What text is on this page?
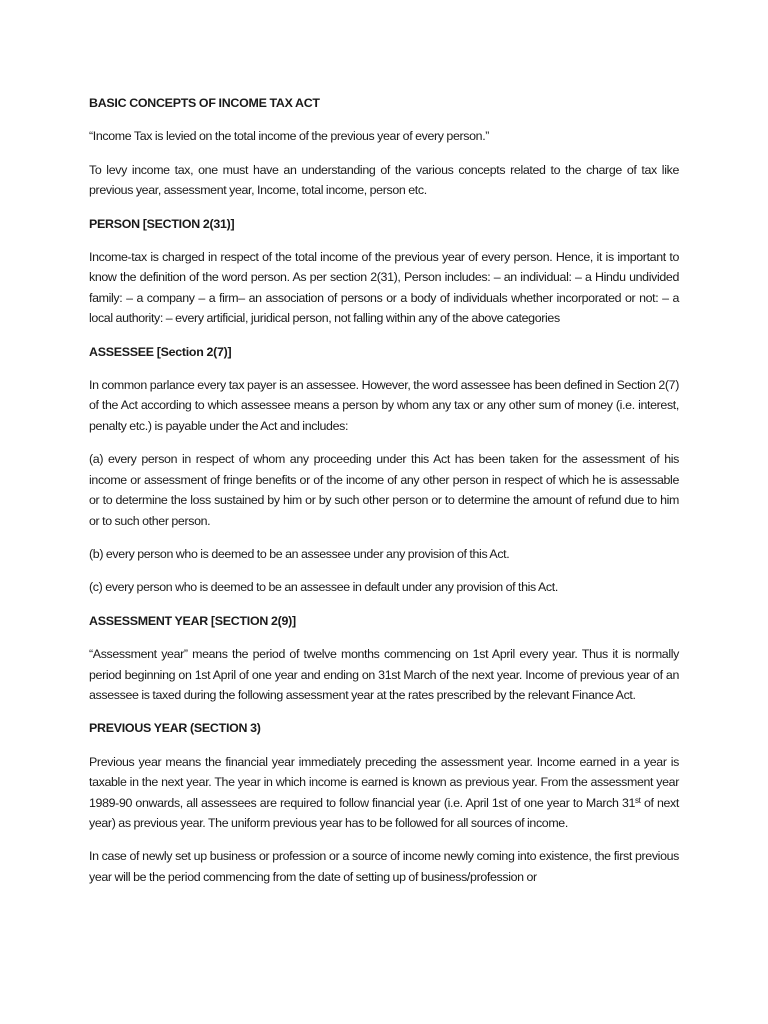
BASIC CONCEPTS OF INCOME TAX ACT
“Income Tax is levied on the total income of the previous year of every person.”
To levy income tax, one must have an understanding of the various concepts related to the charge of tax like previous year, assessment year, Income, total income, person etc.
PERSON [SECTION 2(31)]
Income-tax is charged in respect of the total income of the previous year of every person. Hence, it is important to know the definition of the word person. As per section 2(31), Person includes: – an individual: – a Hindu undivided family: – a company – a firm– an association of persons or a body of individuals whether incorporated or not: – a local authority: – every artificial, juridical person, not falling within any of the above categories
ASSESSEE [Section 2(7)]
In common parlance every tax payer is an assessee. However, the word assessee has been defined in Section 2(7) of the Act according to which assessee means a person by whom any tax or any other sum of money (i.e. interest, penalty etc.) is payable under the Act and includes:
(a) every person in respect of whom any proceeding under this Act has been taken for the assessment of his income or assessment of fringe benefits or of the income of any other person in respect of which he is assessable or to determine the loss sustained by him or by such other person or to determine the amount of refund due to him or to such other person.
(b) every person who is deemed to be an assessee under any provision of this Act.
(c) every person who is deemed to be an assessee in default under any provision of this Act.
ASSESSMENT YEAR [SECTION 2(9)]
“Assessment year” means the period of twelve months commencing on 1st April every year. Thus it is normally period beginning on 1st April of one year and ending on 31st March of the next year. Income of previous year of an assessee is taxed during the following assessment year at the rates prescribed by the relevant Finance Act.
PREVIOUS YEAR (SECTION 3)
Previous year means the financial year immediately preceding the assessment year. Income earned in a year is taxable in the next year. The year in which income is earned is known as previous year. From the assessment year 1989-90 onwards, all assessees are required to follow financial year (i.e. April 1st of one year to March 31st of next year) as previous year. The uniform previous year has to be followed for all sources of income.
In case of newly set up business or profession or a source of income newly coming into existence, the first previous year will be the period commencing from the date of setting up of business/profession or
